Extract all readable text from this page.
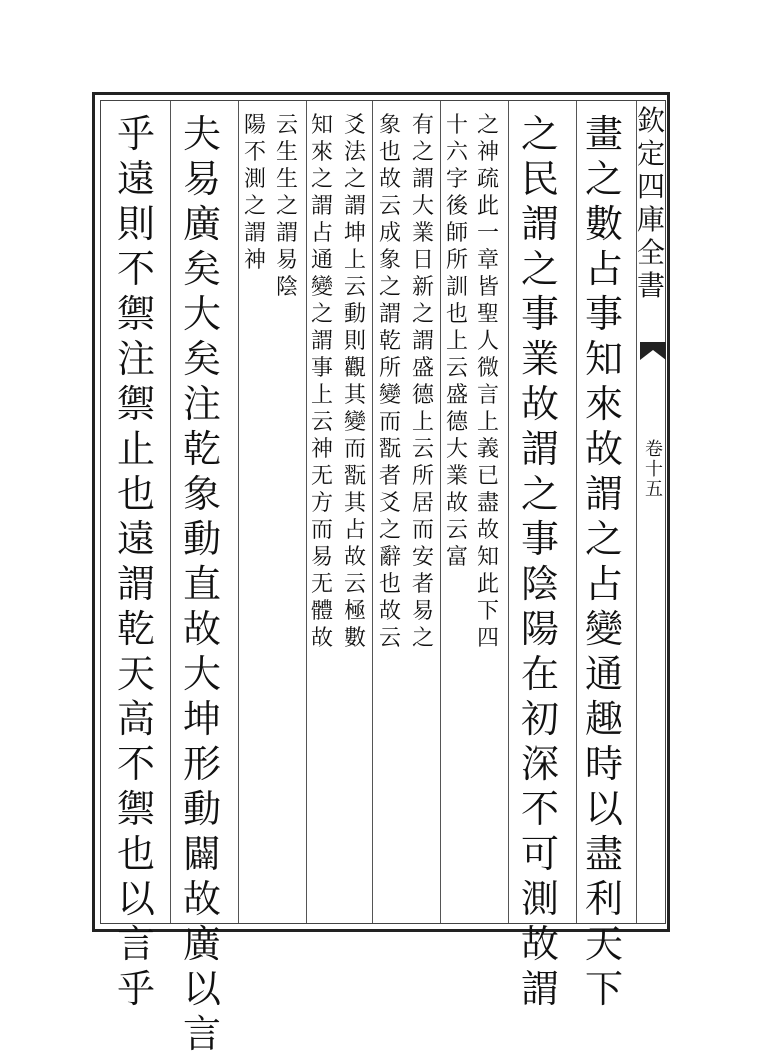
欽
定
四
庫
全
書
卷
十
五
畫
之
數
占
事
知
來
故
謂
之
占
變
通
趣
時
以
盡
利
天
下
之
民
謂
之
事
業
故
謂
之
事
陰
陽
在
初
深
不
可
測
故
謂
之
神
疏
此
一
章
皆
聖
人
微
言
上
義
已
盡
故
知
此
下
四
十
六
字
後
師
所
訓
也
上
云
盛
德
大
業
故
云
富
有
之
謂
大
業
日
新
之
謂
盛
德
上
云
所
居
而
安
者
易
之
象
也
故
云
成
象
之
謂
乾
所
變
而
翫
者
爻
之
辭
也
故
云
爻
法
之
謂
坤
上
云
動
則
觀
其
變
而
翫
其
占
故
云
極
數
知
來
之
謂
占
通
變
之
謂
事
上
云
神
无
方
而
易
无
體
故
云
生
生
之
謂
易
陰
陽
不
測
之
謂
神
夫
易
廣
矣
大
矣
注
乾
象
動
直
故
大
坤
形
動
闢
故
廣
以
言
乎
遠
則
不
禦
注
禦
止
也
遠
謂
乾
天
高
不
禦
也
以
言
乎
